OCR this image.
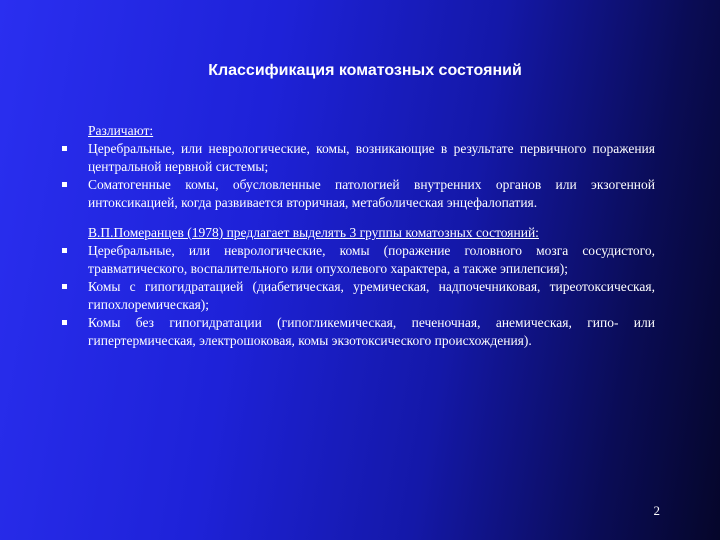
Классификация коматозных состояний

Различают:

Церебральные, или неврологические, комы, возникающие в результате первичного поражения центральной нервной системы;

Соматогенные комы, обусловленные патологией внутренних органов или экзогенной интоксикацией, когда развивается вторичная, метаболическая энцефалопатия.

В.П.Померанцев (1978) предлагает выделять 3 группы коматозных состояний:

Церебральные, или неврологические, комы (поражение головного мозга сосудистого, травматического, воспалительного или опухолевого характера, а также эпилепсия);

Комы с гипогидратацией (диабетическая, уремическая, надпочечниковая, тиреотоксическая, гипохлоремическая);

Комы без гипогидратации (гипогликемическая, печеночная, анемическая, гипо- или гипертермическая, электрошоковая, комы экзотоксического происхождения).

2
